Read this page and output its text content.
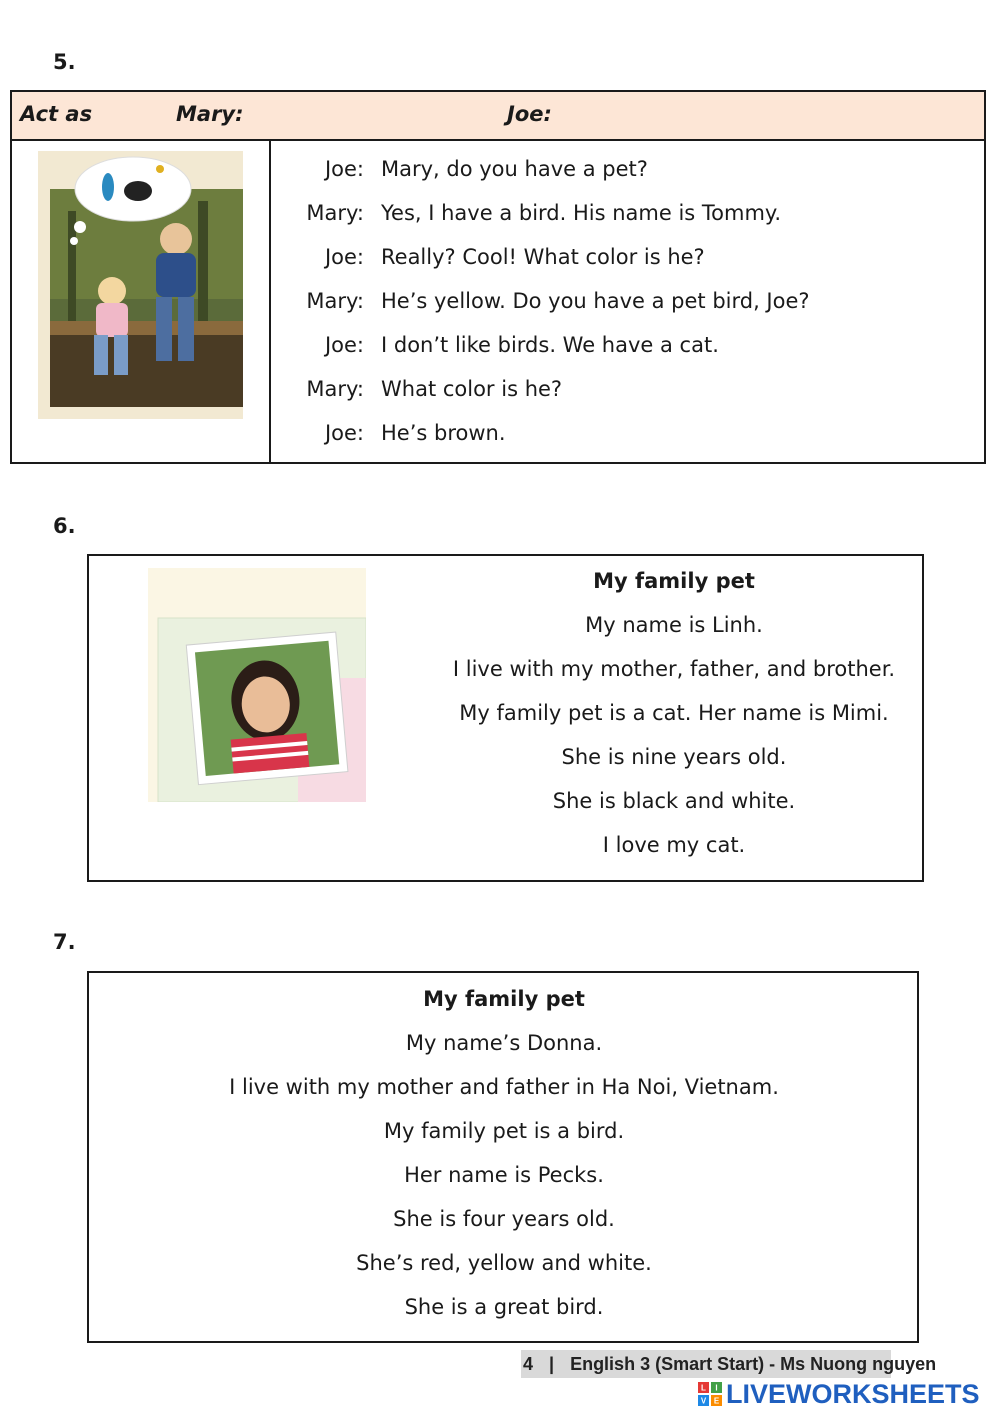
5.
Act as	Mary:	Joe:
Joe: Mary, do you have a pet?
Mary: Yes, I have a bird. His name is Tommy.
Joe: Really? Cool! What color is he?
Mary: He’s yellow. Do you have a pet bird, Joe?
Joe: I don’t like birds. We have a cat.
Mary: What color is he?
Joe: He’s brown.
6.
My family pet
My name is Linh.
I live with my mother, father, and brother.
My family pet is a cat. Her name is Mimi.
She is nine years old.
She is black and white.
I love my cat.
7.
My family pet
My name’s Donna.
I live with my mother and father in Ha Noi, Vietnam.
My family pet is a bird.
Her name is Pecks.
She is four years old.
She’s red, yellow and white.
She is a great bird.
4 | English 3 (Smart Start) - Ms Nuong nguyen
L I
V E LIVEWORKSHEETS
